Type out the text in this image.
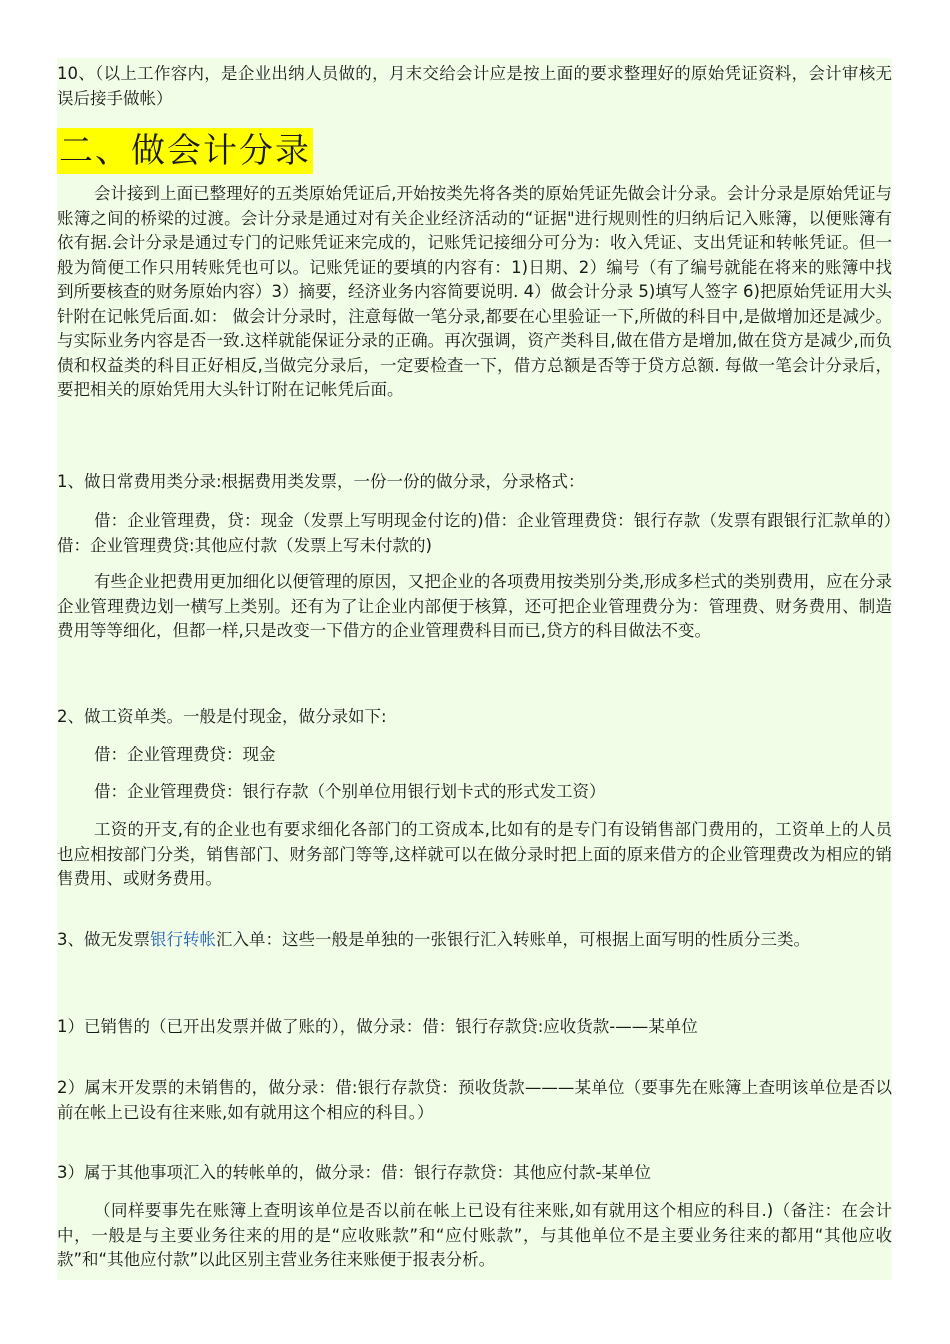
10、（以上工作容内，是企业出纳人员做的，月末交给会计应是按上面的要求整理好的原始凭证资料，会计审核无误后接手做帐）

二、做会计分录

会计接到上面已整理好的五类原始凭证后,开始按类先将各类的原始凭证先做会计分录。会计分录是原始凭证与账簿之间的桥梁的过渡。会计分录是通过对有关企业经济活动的“证据"进行规则性的归纳后记入账簿，以便账簿有依有据.会计分录是通过专门的记账凭证来完成的，记账凭记接细分可分为：收入凭证、支出凭证和转帐凭证。但一般为简便工作只用转账凭也可以。记账凭证的要填的内容有：1)日期、2）编号（有了编号就能在将来的账簿中找到所要核查的财务原始内容）3）摘要，经济业务内容简要说明. 4）做会计分录 5)填写人签字 6)把原始凭证用大头针附在记帐凭后面.如： 做会计分录时，注意每做一笔分录,都要在心里验证一下,所做的科目中,是做增加还是减少。与实际业务内容是否一致.这样就能保证分录的正确。再次强调，资产类科目,做在借方是增加,做在贷方是减少,而负债和权益类的科目正好相反,当做完分录后，一定要检查一下，借方总额是否等于贷方总额. 每做一笔会计分录后，要把相关的原始凭用大头针订附在记帐凭后面。

1、做日常费用类分录:根据费用类发票，一份一份的做分录，分录格式：

借：企业管理费，贷：现金（发票上写明现金付讫的)借：企业管理费贷：银行存款（发票有跟银行汇款单的）借：企业管理费贷:其他应付款（发票上写未付款的)

有些企业把费用更加细化以便管理的原因，又把企业的各项费用按类别分类,形成多栏式的类别费用，应在分录企业管理费边划一横写上类别。还有为了让企业内部便于核算，还可把企业管理费分为：管理费、财务费用、制造费用等等细化，但都一样,只是改变一下借方的企业管理费科目而已,贷方的科目做法不变。

2、做工资单类。一般是付现金，做分录如下:

借：企业管理费贷：现金

借：企业管理费贷：银行存款（个别单位用银行划卡式的形式发工资）

工资的开支,有的企业也有要求细化各部门的工资成本,比如有的是专门有设销售部门费用的，工资单上的人员也应相按部门分类，销售部门、财务部门等等,这样就可以在做分录时把上面的原来借方的企业管理费改为相应的销售费用、或财务费用。

3、做无发票银行转帐汇入单：这些一般是单独的一张银行汇入转账单，可根据上面写明的性质分三类。

1）已销售的（已开出发票并做了账的），做分录：借：银行存款贷:应收货款-——某单位

2）属末开发票的未销售的，做分录：借:银行存款贷：预收货款———某单位（要事先在账簿上查明该单位是否以前在帐上已设有往来账,如有就用这个相应的科目。）

3）属于其他事项汇入的转帐单的，做分录：借：银行存款贷：其他应付款-某单位

（同样要事先在账簿上查明该单位是否以前在帐上已设有往来账,如有就用这个相应的科目.)（备注：在会计中，一般是与主要业务往来的用的是“应收账款”和“应付账款”，与其他单位不是主要业务往来的都用“其他应收款”和“其他应付款”以此区别主营业务往来账便于报表分析。
